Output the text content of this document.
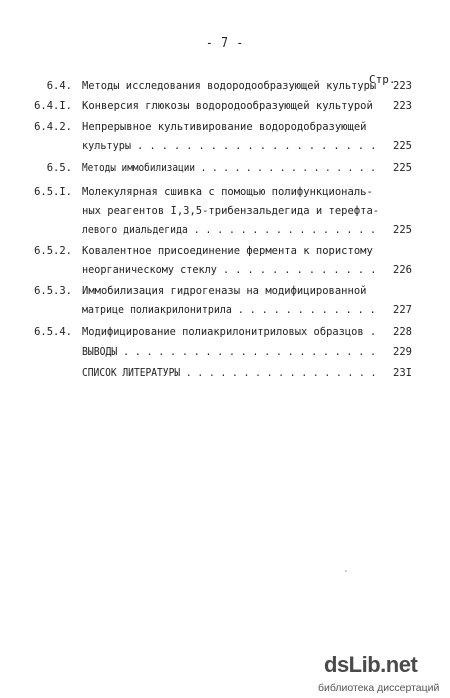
- 7 -
Стр.
6.4. Методы исследования водородообразующей культуры	223
6.4.I. Конверсия глюкозы водородообразующей культурой	223
6.4.2. Непрерывное культивирование водородобразующей
культуры . . . . . . . . . . . . . . . . . . . .	225
6.5. Методы иммобилизации . . . . . . . . . . . . . . . .	225
6.5.I. Молекулярная сшивка с помощью полифункциональ-
ных реагентов I,3,5-трибензальдегида и терефта-
левого диальдегида . . . . . . . . . . . . . . . .	225
6.5.2. Ковалентное присоединение фермента к пористому
неорганическому стеклу . . . . . . . . . . . . .	226
6.5.3. Иммобилизация гидрогеназы на модифицированной
матрице полиакрилонитрила . . . . . . . . . . . .	227
6.5.4. Модифицирование полиакрилонитриловых образцов .	228
ВЫВОДЫ . . . . . . . . . . . . . . . . . . . . . .	229
СПИСОК ЛИТЕРАТУРЫ . . . . . . . . . . . . . . . . .	23I
dsLib.net
библиотека диссертаций
